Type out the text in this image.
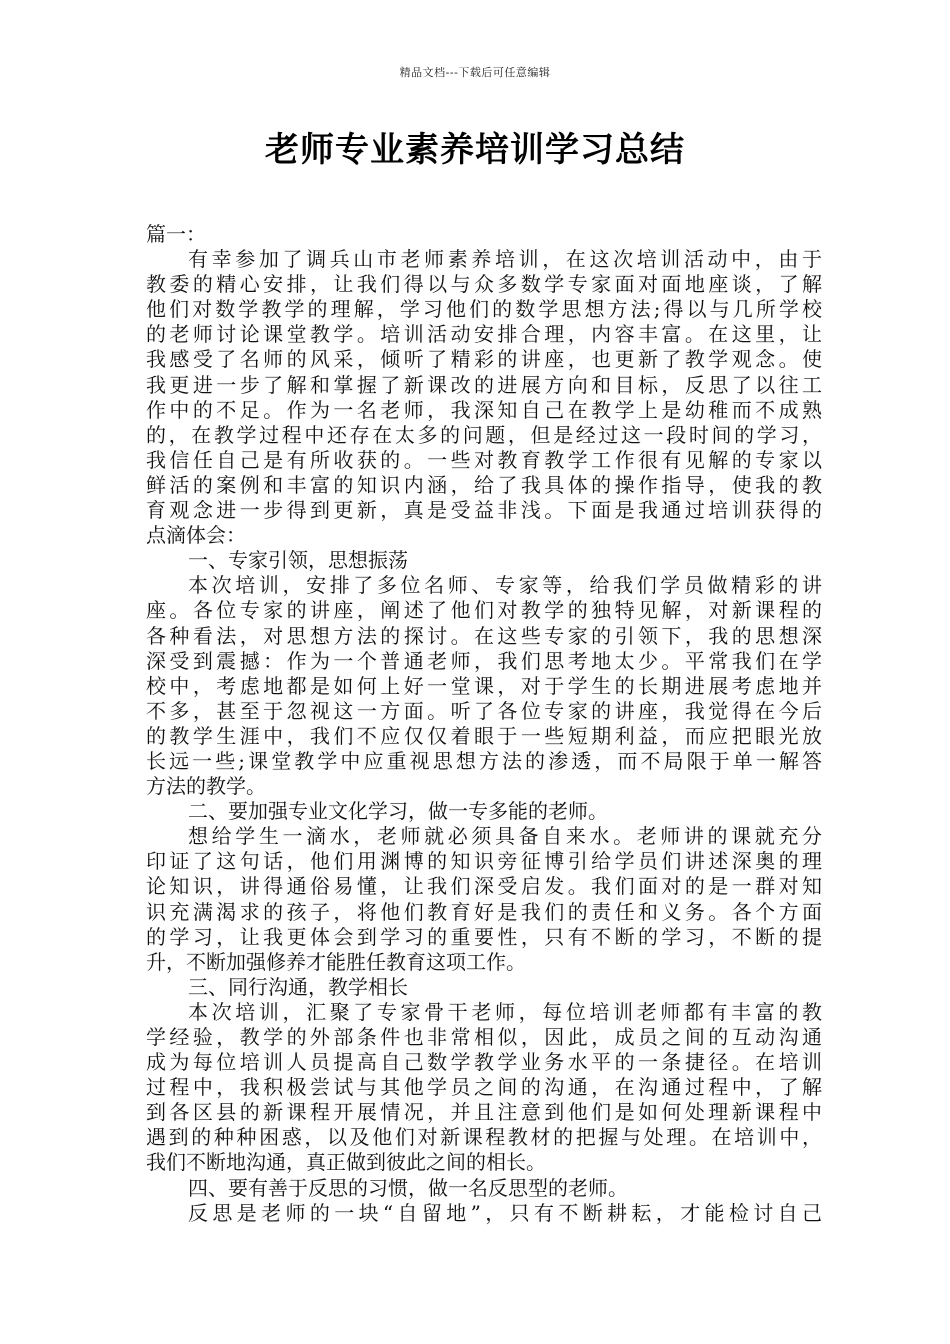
精品文档---下载后可任意编辑
老师专业素养培训学习总结
篇一：
有幸参加了调兵山市老师素养培训，在这次培训活动中，由于
教委的精心安排，让我们得以与众多数学专家面对面地座谈，了解
他们对数学教学的理解，学习他们的数学思想方法;得以与几所学校
的老师讨论课堂教学。培训活动安排合理，内容丰富。在这里，让
我感受了名师的风采，倾听了精彩的讲座，也更新了教学观念。使
我更进一步了解和掌握了新课改的进展方向和目标，反思了以往工
作中的不足。作为一名老师，我深知自己在教学上是幼稚而不成熟
的，在教学过程中还存在太多的问题，但是经过这一段时间的学习，
我信任自己是有所收获的。一些对教育教学工作很有见解的专家以
鲜活的案例和丰富的知识内涵，给了我具体的操作指导，使我的教
育观念进一步得到更新，真是受益非浅。下面是我通过培训获得的
点滴体会：
一、专家引领，思想振荡
本次培训，安排了多位名师、专家等，给我们学员做精彩的讲
座。各位专家的讲座，阐述了他们对教学的独特见解，对新课程的
各种看法，对思想方法的探讨。在这些专家的引领下，我的思想深
深受到震撼：作为一个普通老师，我们思考地太少。平常我们在学
校中，考虑地都是如何上好一堂课，对于学生的长期进展考虑地并
不多，甚至于忽视这一方面。听了各位专家的讲座，我觉得在今后
的教学生涯中，我们不应仅仅着眼于一些短期利益，而应把眼光放
长远一些;课堂教学中应重视思想方法的渗透，而不局限于单一解答
方法的教学。
二、要加强专业文化学习，做一专多能的老师。
想给学生一滴水，老师就必须具备自来水。老师讲的课就充分
印证了这句话，他们用渊博的知识旁征博引给学员们讲述深奥的理
论知识，讲得通俗易懂，让我们深受启发。我们面对的是一群对知
识充满渴求的孩子，将他们教育好是我们的责任和义务。各个方面
的学习，让我更体会到学习的重要性，只有不断的学习，不断的提
升，不断加强修养才能胜任教育这项工作。
三、同行沟通，教学相长
本次培训，汇聚了专家骨干老师，每位培训老师都有丰富的教
学经验，教学的外部条件也非常相似，因此，成员之间的互动沟通
成为每位培训人员提高自己数学教学业务水平的一条捷径。在培训
过程中，我积极尝试与其他学员之间的沟通，在沟通过程中，了解
到各区县的新课程开展情况，并且注意到他们是如何处理新课程中
遇到的种种困惑，以及他们对新课程教材的把握与处理。在培训中，
我们不断地沟通，真正做到彼此之间的相长。
四、要有善于反思的习惯，做一名反思型的老师。
反思是老师的一块“自留地”，只有不断耕耘，才能检讨自己
